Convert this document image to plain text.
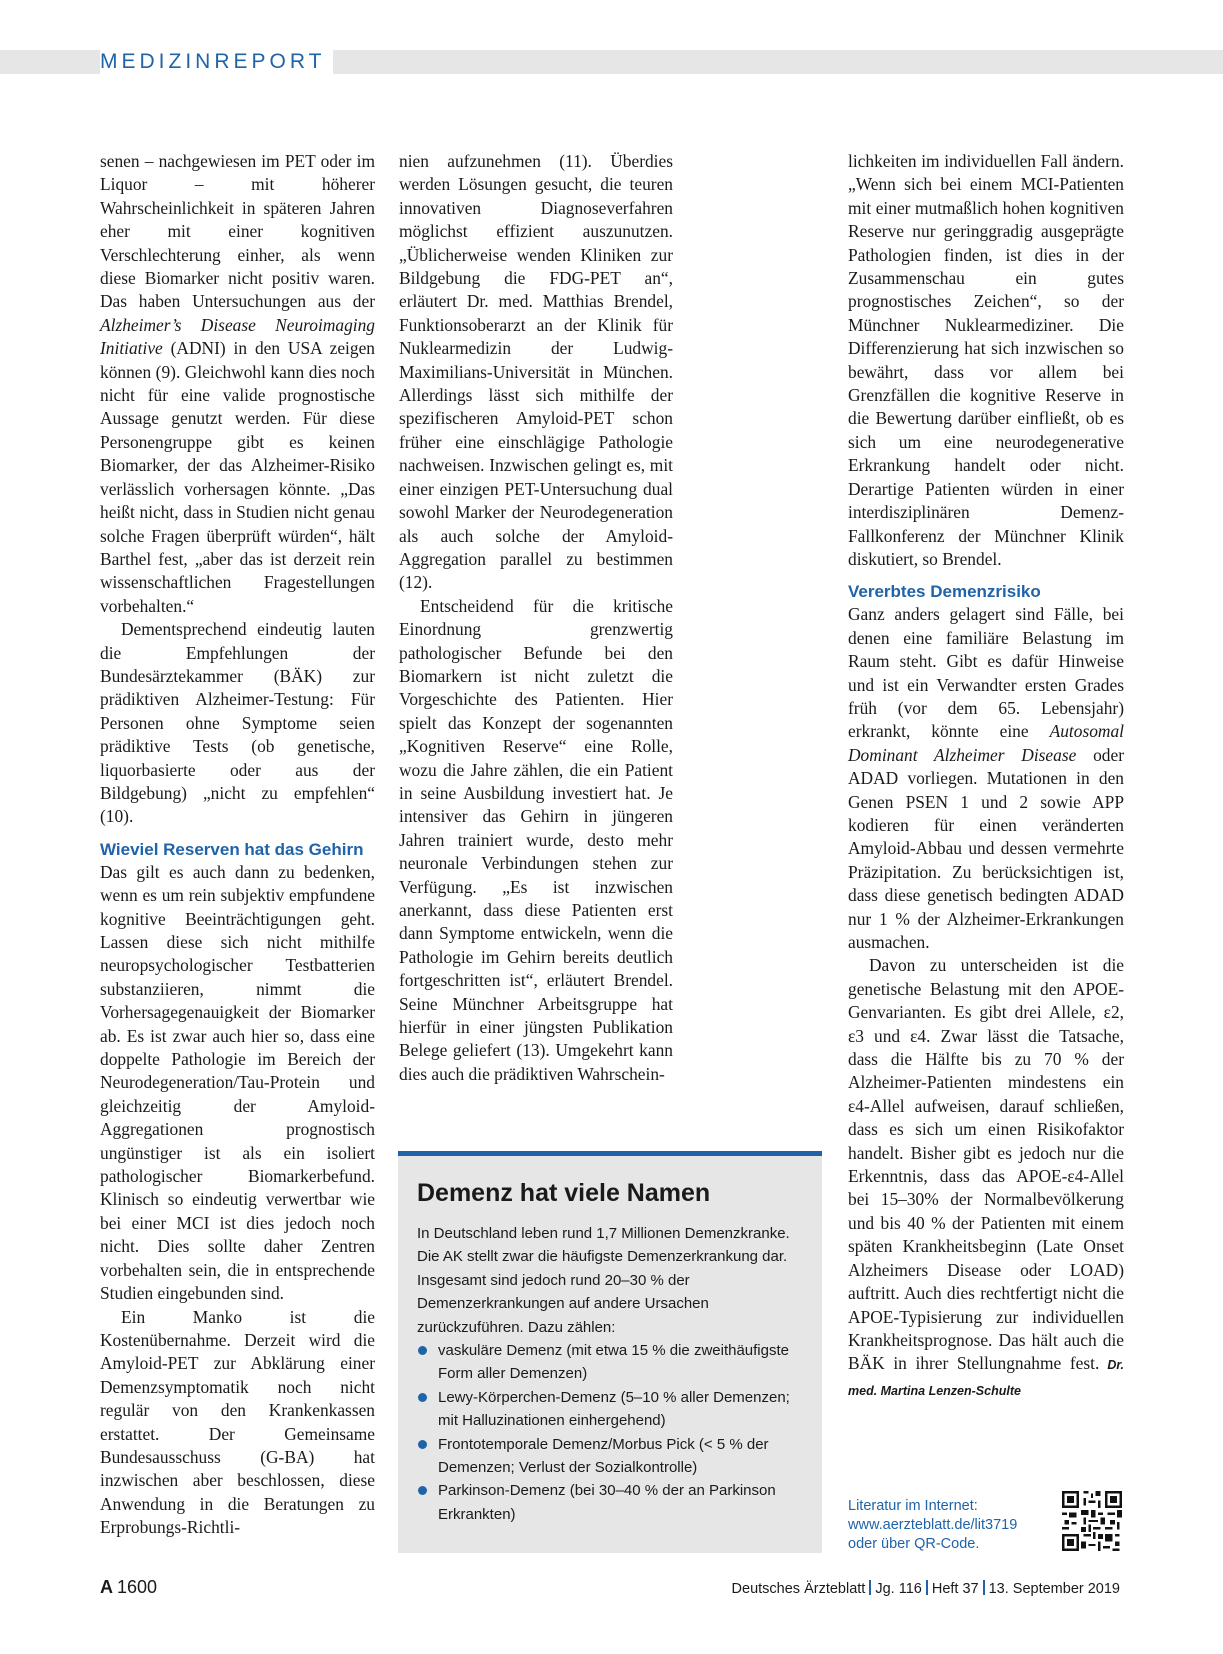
MEDIZINREPORT

senen – nachgewiesen im PET oder im Liquor – mit höherer Wahrscheinlichkeit in späteren Jahren eher mit einer kognitiven Verschlechterung einher, als wenn diese Biomarker nicht positiv waren. Das haben Untersuchungen aus der Alzheimer’s Disease Neuroimaging Initiative (ADNI) in den USA zeigen können (9). Gleichwohl kann dies noch nicht für eine valide prognostische Aussage genutzt werden. Für diese Personengruppe gibt es keinen Biomarker, der das Alzheimer-Risiko verlässlich vorhersagen könnte. „Das heißt nicht, dass in Studien nicht genau solche Fragen überprüft würden“, hält Barthel fest, „aber das ist derzeit rein wissenschaftlichen Fragestellungen vorbehalten.“

Dementsprechend eindeutig lauten die Empfehlungen der Bundesärztekammer (BÄK) zur prädiktiven Alzheimer-Testung: Für Personen ohne Symptome seien prädiktive Tests (ob genetische, liquorbasierte oder aus der Bildgebung) „nicht zu empfehlen“ (10).

Wieviel Reserven hat das Gehirn

Das gilt es auch dann zu bedenken, wenn es um rein subjektiv empfundene kognitive Beeinträchtigungen geht. Lassen diese sich nicht mithilfe neuropsychologischer Testbatterien substanziieren, nimmt die Vorhersagegenauigkeit der Biomarker ab. Es ist zwar auch hier so, dass eine doppelte Pathologie im Bereich der Neurodegeneration/Tau-Protein und gleichzeitig der Amyloid-Aggregationen prognostisch ungünstiger ist als ein isoliert pathologischer Biomarkerbefund. Klinisch so eindeutig verwertbar wie bei einer MCI ist dies jedoch noch nicht. Dies sollte daher Zentren vorbehalten sein, die in entsprechende Studien eingebunden sind.

Ein Manko ist die Kostenübernahme. Derzeit wird die Amyloid-PET zur Abklärung einer Demenzsymptomatik noch nicht regulär von den Krankenkassen erstattet. Der Gemeinsame Bundesausschuss (G-BA) hat inzwischen aber beschlossen, diese Anwendung in die Beratungen zu Erprobungs-Richtli-

nien aufzunehmen (11). Überdies werden Lösungen gesucht, die teuren innovativen Diagnoseverfahren möglichst effizient auszunutzen. „Üblicherweise wenden Kliniken zur Bildgebung die FDG-PET an“, erläutert Dr. med. Matthias Brendel, Funktionsoberarzt an der Klinik für Nuklearmedizin der Ludwig-Maximilians-Universität in München. Allerdings lässt sich mithilfe der spezifischeren Amyloid-PET schon früher eine einschlägige Pathologie nachweisen. Inzwischen gelingt es, mit einer einzigen PET-Untersuchung dual sowohl Marker der Neurodegeneration als auch solche der Amyloid-Aggregation parallel zu bestimmen (12).

Entscheidend für die kritische Einordnung grenzwertig pathologischer Befunde bei den Biomarkern ist nicht zuletzt die Vorgeschichte des Patienten. Hier spielt das Konzept der sogenannten „Kognitiven Reserve“ eine Rolle, wozu die Jahre zählen, die ein Patient in seine Ausbildung investiert hat. Je intensiver das Gehirn in jüngeren Jahren trainiert wurde, desto mehr neuronale Verbindungen stehen zur Verfügung. „Es ist inzwischen anerkannt, dass diese Patienten erst dann Symptome entwickeln, wenn die Pathologie im Gehirn bereits deutlich fortgeschritten ist“, erläutert Brendel. Seine Münchner Arbeitsgruppe hat hierfür in einer jüngsten Publikation Belege geliefert (13). Umgekehrt kann dies auch die prädiktiven Wahrschein-

lichkeiten im individuellen Fall ändern. „Wenn sich bei einem MCI-Patienten mit einer mutmaßlich hohen kognitiven Reserve nur geringgradig ausgeprägte Pathologien finden, ist dies in der Zusammenschau ein gutes prognostisches Zeichen“, so der Münchner Nuklearmediziner. Die Differenzierung hat sich inzwischen so bewährt, dass vor allem bei Grenzfällen die kognitive Reserve in die Bewertung darüber einfließt, ob es sich um eine neurodegenerative Erkrankung handelt oder nicht. Derartige Patienten würden in einer interdisziplinären Demenz-Fallkonferenz der Münchner Klinik diskutiert, so Brendel.

Vererbtes Demenzrisiko

Ganz anders gelagert sind Fälle, bei denen eine familiäre Belastung im Raum steht. Gibt es dafür Hinweise und ist ein Verwandter ersten Grades früh (vor dem 65. Lebensjahr) erkrankt, könnte eine Autosomal Dominant Alzheimer Disease oder ADAD vorliegen. Mutationen in den Genen PSEN 1 und 2 sowie APP kodieren für einen veränderten Amyloid-Abbau und dessen vermehrte Präzipitation. Zu berücksichtigen ist, dass diese genetisch bedingten ADAD nur 1 % der Alzheimer-Erkrankungen ausmachen.

Davon zu unterscheiden ist die genetische Belastung mit den APOE-Genvarianten. Es gibt drei Allele, ε2, ε3 und ε4. Zwar lässt die Tatsache, dass die Hälfte bis zu 70 % der Alzheimer-Patienten mindestens ein ε4-Allel aufweisen, darauf schließen, dass es sich um einen Risikofaktor handelt. Bisher gibt es jedoch nur die Erkenntnis, dass das APOE-ε4-Allel bei 15–30% der Normalbevölkerung und bis 40 % der Patienten mit einem späten Krankheitsbeginn (Late Onset Alzheimers Disease oder LOAD) auftritt. Auch dies rechtfertigt nicht die APOE-Typisierung zur individuellen Krankheitsprognose. Das hält auch die BÄK in ihrer Stellungnahme fest. Dr. med. Martina Lenzen-Schulte

Demenz hat viele Namen

In Deutschland leben rund 1,7 Millionen Demenzkranke. Die AK stellt zwar die häufigste Demenzerkrankung dar. Insgesamt sind jedoch rund 20–30 % der Demenzerkrankungen auf andere Ursachen zurückzuführen. Dazu zählen:

vaskuläre Demenz (mit etwa 15 % die zweithäufigste Form aller Demenzen)
Lewy-Körperchen-Demenz (5–10 % aller Demenzen; mit Halluzinationen einhergehend)
Frontotemporale Demenz/Morbus Pick (< 5 % der Demenzen; Verlust der Sozialkontrolle)
Parkinson-Demenz (bei 30–40 % der an Parkinson Erkrankten)	Literatur im Internet:
www.aerzteblatt.de/lit3719
oder über QR-Code.
A 1600	Deutsches Ärzteblatt Jg. 116 Heft 37 13. September 2019
